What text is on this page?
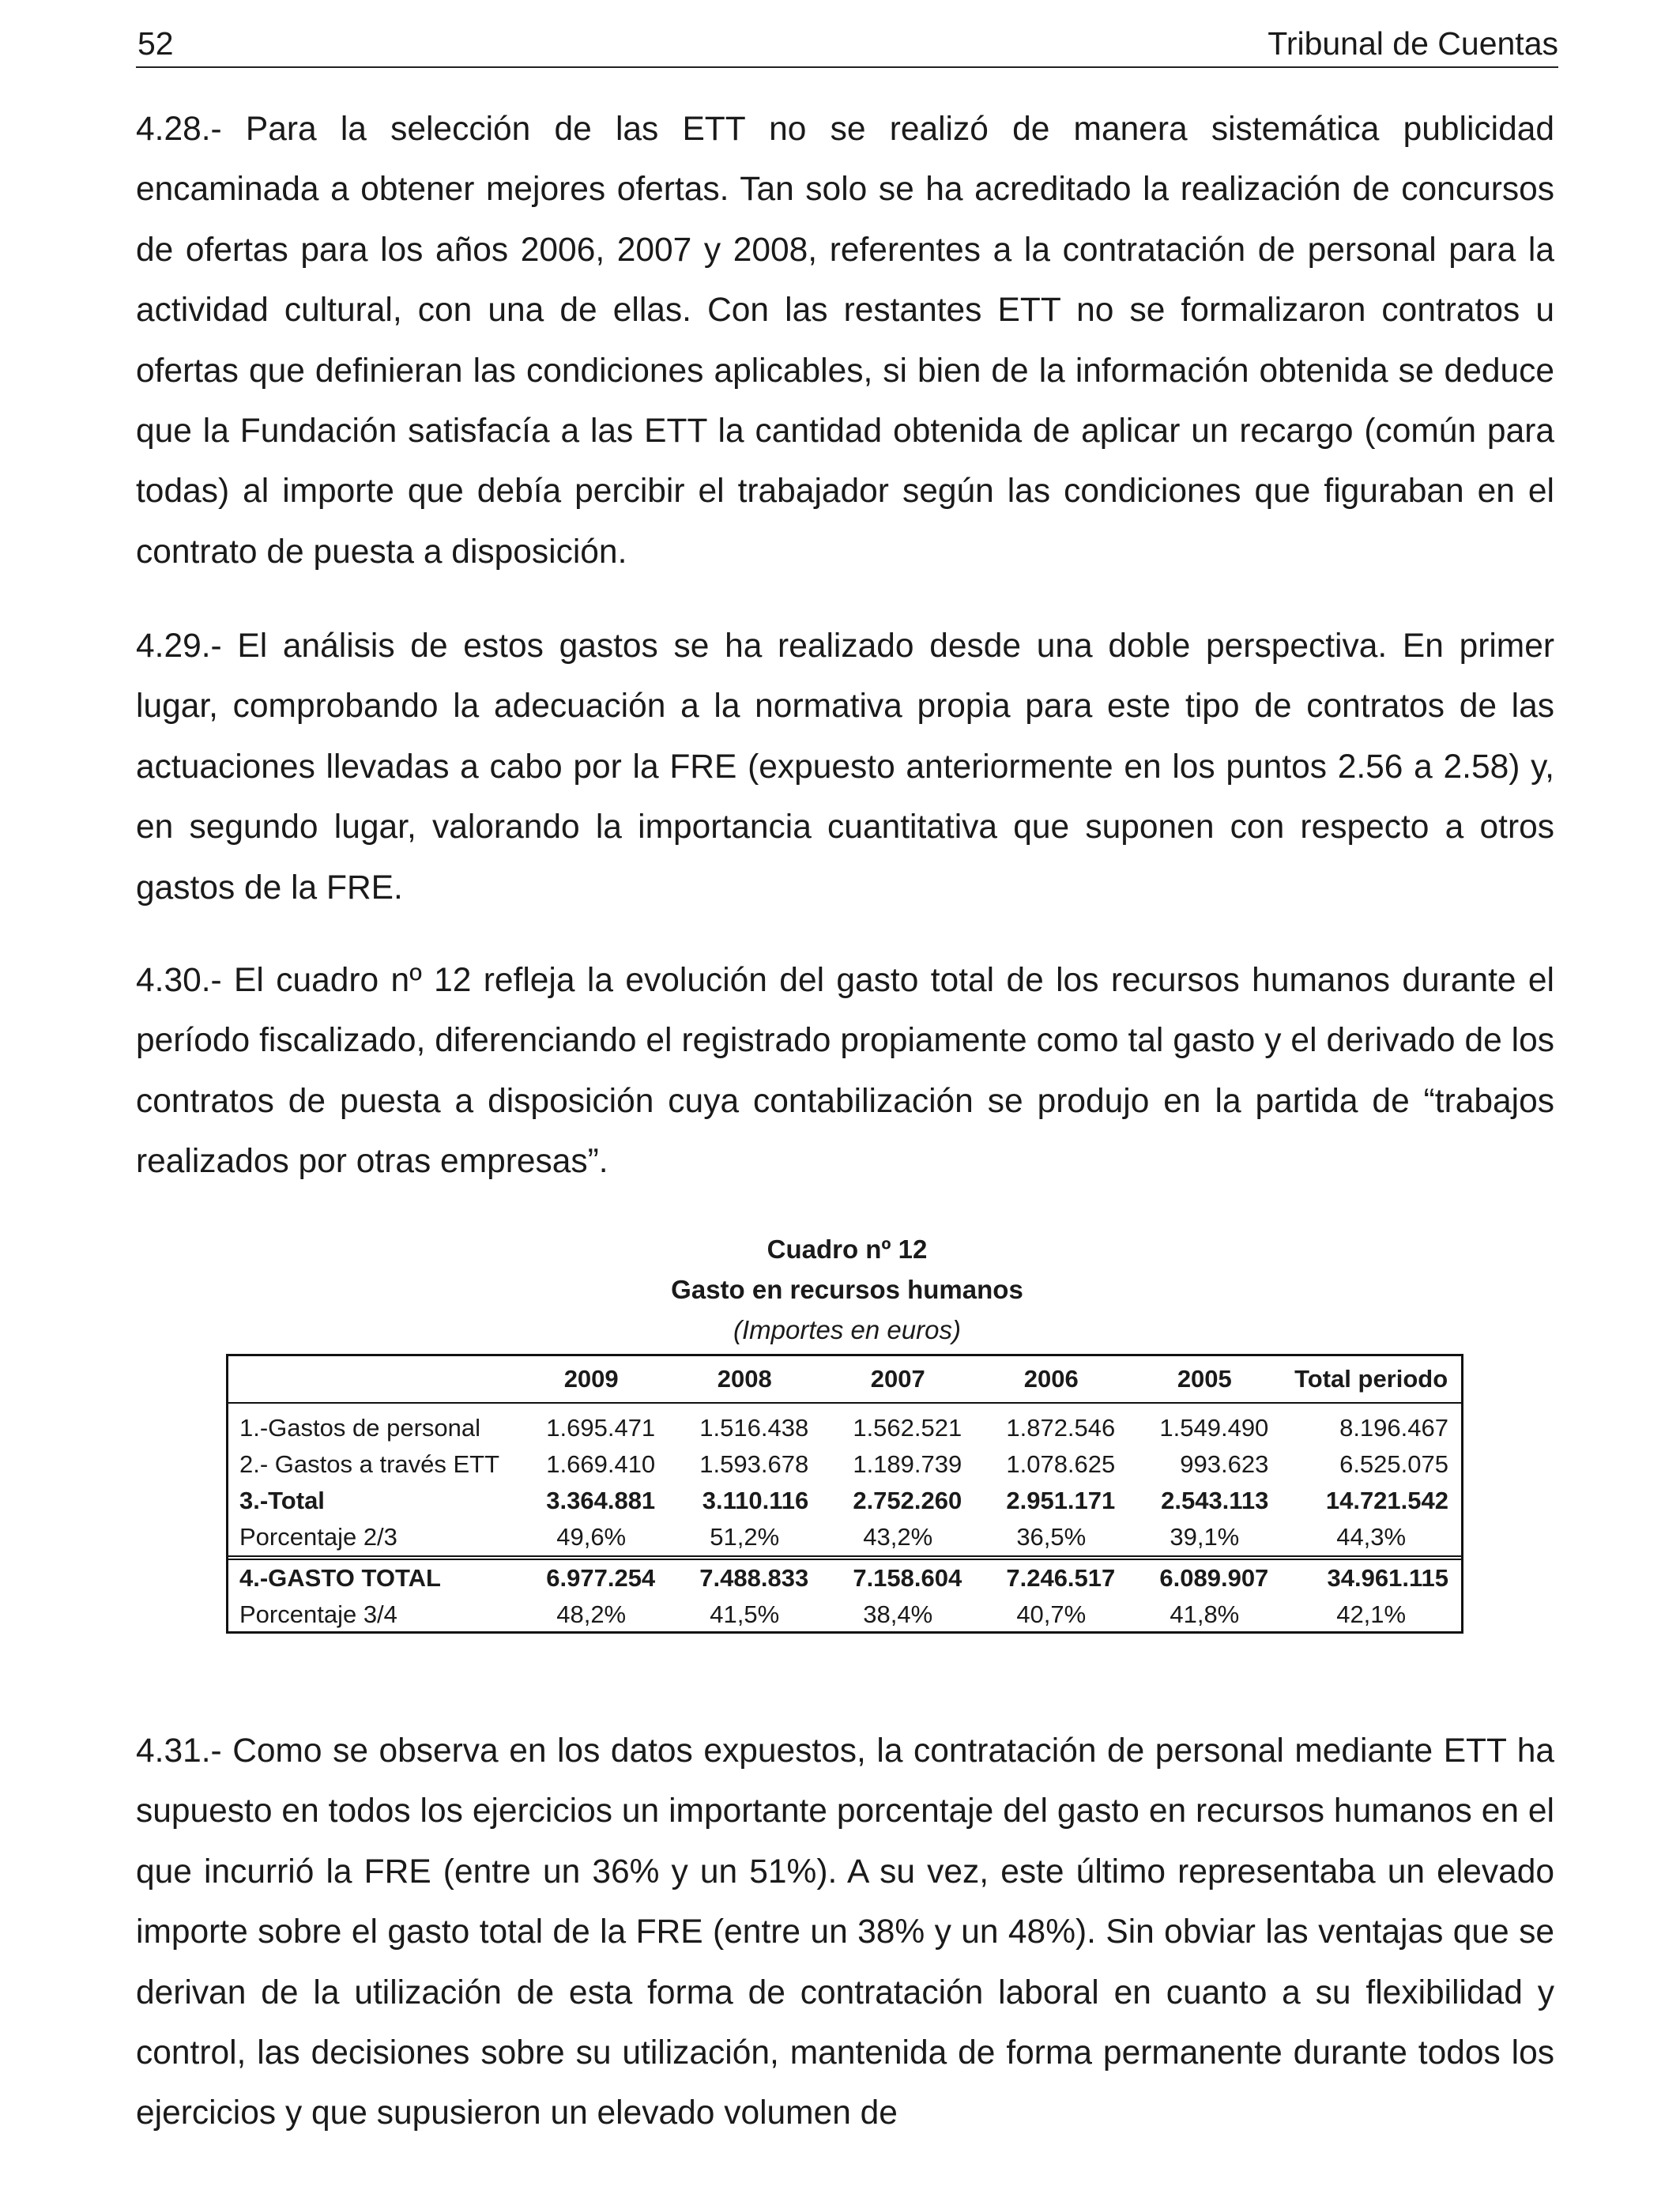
52	Tribunal de Cuentas

4.28.- Para la selección de las ETT no se realizó de manera sistemática publicidad encaminada a obtener mejores ofertas. Tan solo se ha acreditado la realización de concursos de ofertas para los años 2006, 2007 y 2008, referentes a la contratación de personal para la actividad cultural, con una de ellas. Con las restantes ETT no se formalizaron contratos u ofertas que definieran las condiciones aplicables, si bien de la información obtenida se deduce que la Fundación satisfacía a las ETT la cantidad obtenida de aplicar un recargo (común para todas) al importe que debía percibir el trabajador según las condiciones que figuraban en el contrato de puesta a disposición.

4.29.- El análisis de estos gastos se ha realizado desde una doble perspectiva. En primer lugar, comprobando la adecuación a la normativa propia para este tipo de contratos de las actuaciones llevadas a cabo por la FRE (expuesto anteriormente en los puntos 2.56 a 2.58) y, en segundo lugar, valorando la importancia cuantitativa que suponen con respecto a otros gastos de la FRE.

4.30.- El cuadro nº 12 refleja la evolución del gasto total de los recursos humanos durante el período fiscalizado, diferenciando el registrado propiamente como tal gasto y el derivado de los contratos de puesta a disposición cuya contabilización se produjo en la partida de “trabajos realizados por otras empresas”.

Cuadro nº 12
Gasto en recursos humanos
(Importes en euros)
	2009	2008	2007	2006	2005	Total periodo
1.-Gastos de personal	1.695.471	1.516.438	1.562.521	1.872.546	1.549.490	8.196.467
2.- Gastos a través ETT	1.669.410	1.593.678	1.189.739	1.078.625	993.623	6.525.075
3.-Total	3.364.881	3.110.116	2.752.260	2.951.171	2.543.113	14.721.542
Porcentaje 2/3	49,6%	51,2%	43,2%	36,5%	39,1%	44,3%
4.-GASTO TOTAL	6.977.254	7.488.833	7.158.604	7.246.517	6.089.907	34.961.115
Porcentaje 3/4	48,2%	41,5%	38,4%	40,7%	41,8%	42,1%

4.31.- Como se observa en los datos expuestos, la contratación de personal mediante ETT ha supuesto en todos los ejercicios un importante porcentaje del gasto en recursos humanos en el que incurrió la FRE (entre un 36% y un 51%). A su vez, este último representaba un elevado importe sobre el gasto total de la FRE (entre un 38% y un 48%). Sin obviar las ventajas que se derivan de la utilización de esta forma de contratación laboral en cuanto a su flexibilidad y control, las decisiones sobre su utilización, mantenida de forma permanente durante todos los ejercicios y que supusieron un elevado volumen de
